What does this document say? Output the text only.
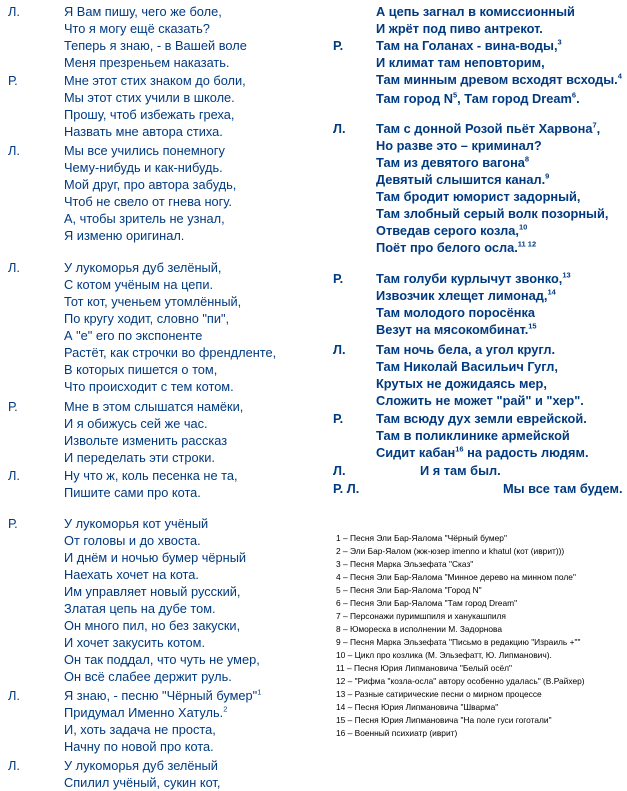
Л.	Я Вам пишу, чего же боле,
Что я могу ещё сказать?
Теперь я знаю, - в Вашей воле
Меня презреньем наказать.
Р.	Мне этот стих знаком до боли,
Мы этот стих учили в школе.
Прошу, чтоб избежать греха,
Назвать мне автора стиха.
Л.	Мы все учились понемногу
Чему-нибудь и как-нибудь.
Мой друг, про автора забудь,
Чтоб не свело от гнева ногу.
А, чтобы зритель не узнал,
Я изменю оригинал.
Л.	У лукоморья дуб зелёный,
С котом учёным на цепи.
Тот кот, ученьем утомлённый,
По кругу ходит, словно "пи",
А "е" его по экспоненте
Растёт, как строчки во френдленте,
В которых пишется о том,
Что происходит с тем котом.
Р.	Мне в этом слышатся намёки,
И я обижусь сей же час.
Извольте изменить рассказ
И переделать эти строки.
Л.	Ну что ж, коль песенка не та,
Пишите сами про кота.
Р.	У лукоморья кот учёный
От головы и до хвоста.
И днём и ночью бумер чёрный
Наехать хочет на кота.
Им управляет новый русский,
Златая цепь на дубе том.
Он много пил, но без закуски,
И хочет закусить котом.
Он так поддал, что чуть не умер,
Он всё слабее держит руль.
Л.	Я знаю, - песню "Чёрный бумер"$^1$
Придумал Именно Хатуль.$^2$
И, хоть задача не проста,
Начну по новой про кота.
Л.	У лукоморья дуб зелёный
Спилил учёный, сукин кот,
А цепь загнал в комиссионный
И жрёт под пиво антрекот.
Р.	Там на Голанах - вина-воды,$^3$
И климат там неповторим,
Там минным древом всходят всходы.$^4$
Там город $N^5$, Там город Dream$^6$.
Л. Там с донной Розой пьёт Харвона$^7$,
Но разве это – криминал?
Там из девятого вагона$^8$
Девятый слышится канал.$^9$
Там бродит юморист задорный,
Там злобный серый волк позорный,
Отведав серого козла,$^{10}$
Поёт про белого осла.$^{11 12}$
Р.	Там голуби курлычут звонко,$^{13}$
Извозчик хлещет лимонад,$^{14}$
Там молодого поросёнка
Везут на мясокомбинат.$^{15}$
Л. Там ночь бела, а угол кругл.
Там Николай Васильич Гугл,
Крутых не дожидаясь мер,
Сложить не может "рай" и "хер".
Р.	Там всюду дух земли еврейской.
Там в поликлинике армейской
Сидит кабан$^{16}$ на радость людям.
Л.	И я там был.
Р. Л.	Мы все там будем.
1 – Песня Эли Бар-Яалома "Чёрный бумер"
2 – Эли Бар-Яалом (жж-юзер imenno и khatul (кот (иврит)))
3 – Песня Марка Эльзефата "Сказ"
4 – Песня Эли Бар-Яалома "Минное дерево на минном поле"
5 – Песня Эли Бар-Яалома "Город N"
6 – Песня Эли Бар-Яалома "Там город Dream"
7 – Персонажи пуримшпиля и ханукашпиля
8 – Юмореска в исполнении М. Задорнова
9 – Песня Марка Эльзефата "Письмо в редакцию "Израиль +""
10 – Цикл про козлика (М. Эльзефатт, Ю. Липманович).
11 – Песня Юрия Липмановича "Белый осёл"
12 – "Рифма "козла-осла" автору особенно удалась" (В.Райхер)
13 – Разные сатирические песни о мирном процессе
14 – Песня Юрия Липмановича "Шварма"
15 – Песня Юрия Липмановича "На поле гуси гоготали"
16 – Военный психиатр (иврит)
